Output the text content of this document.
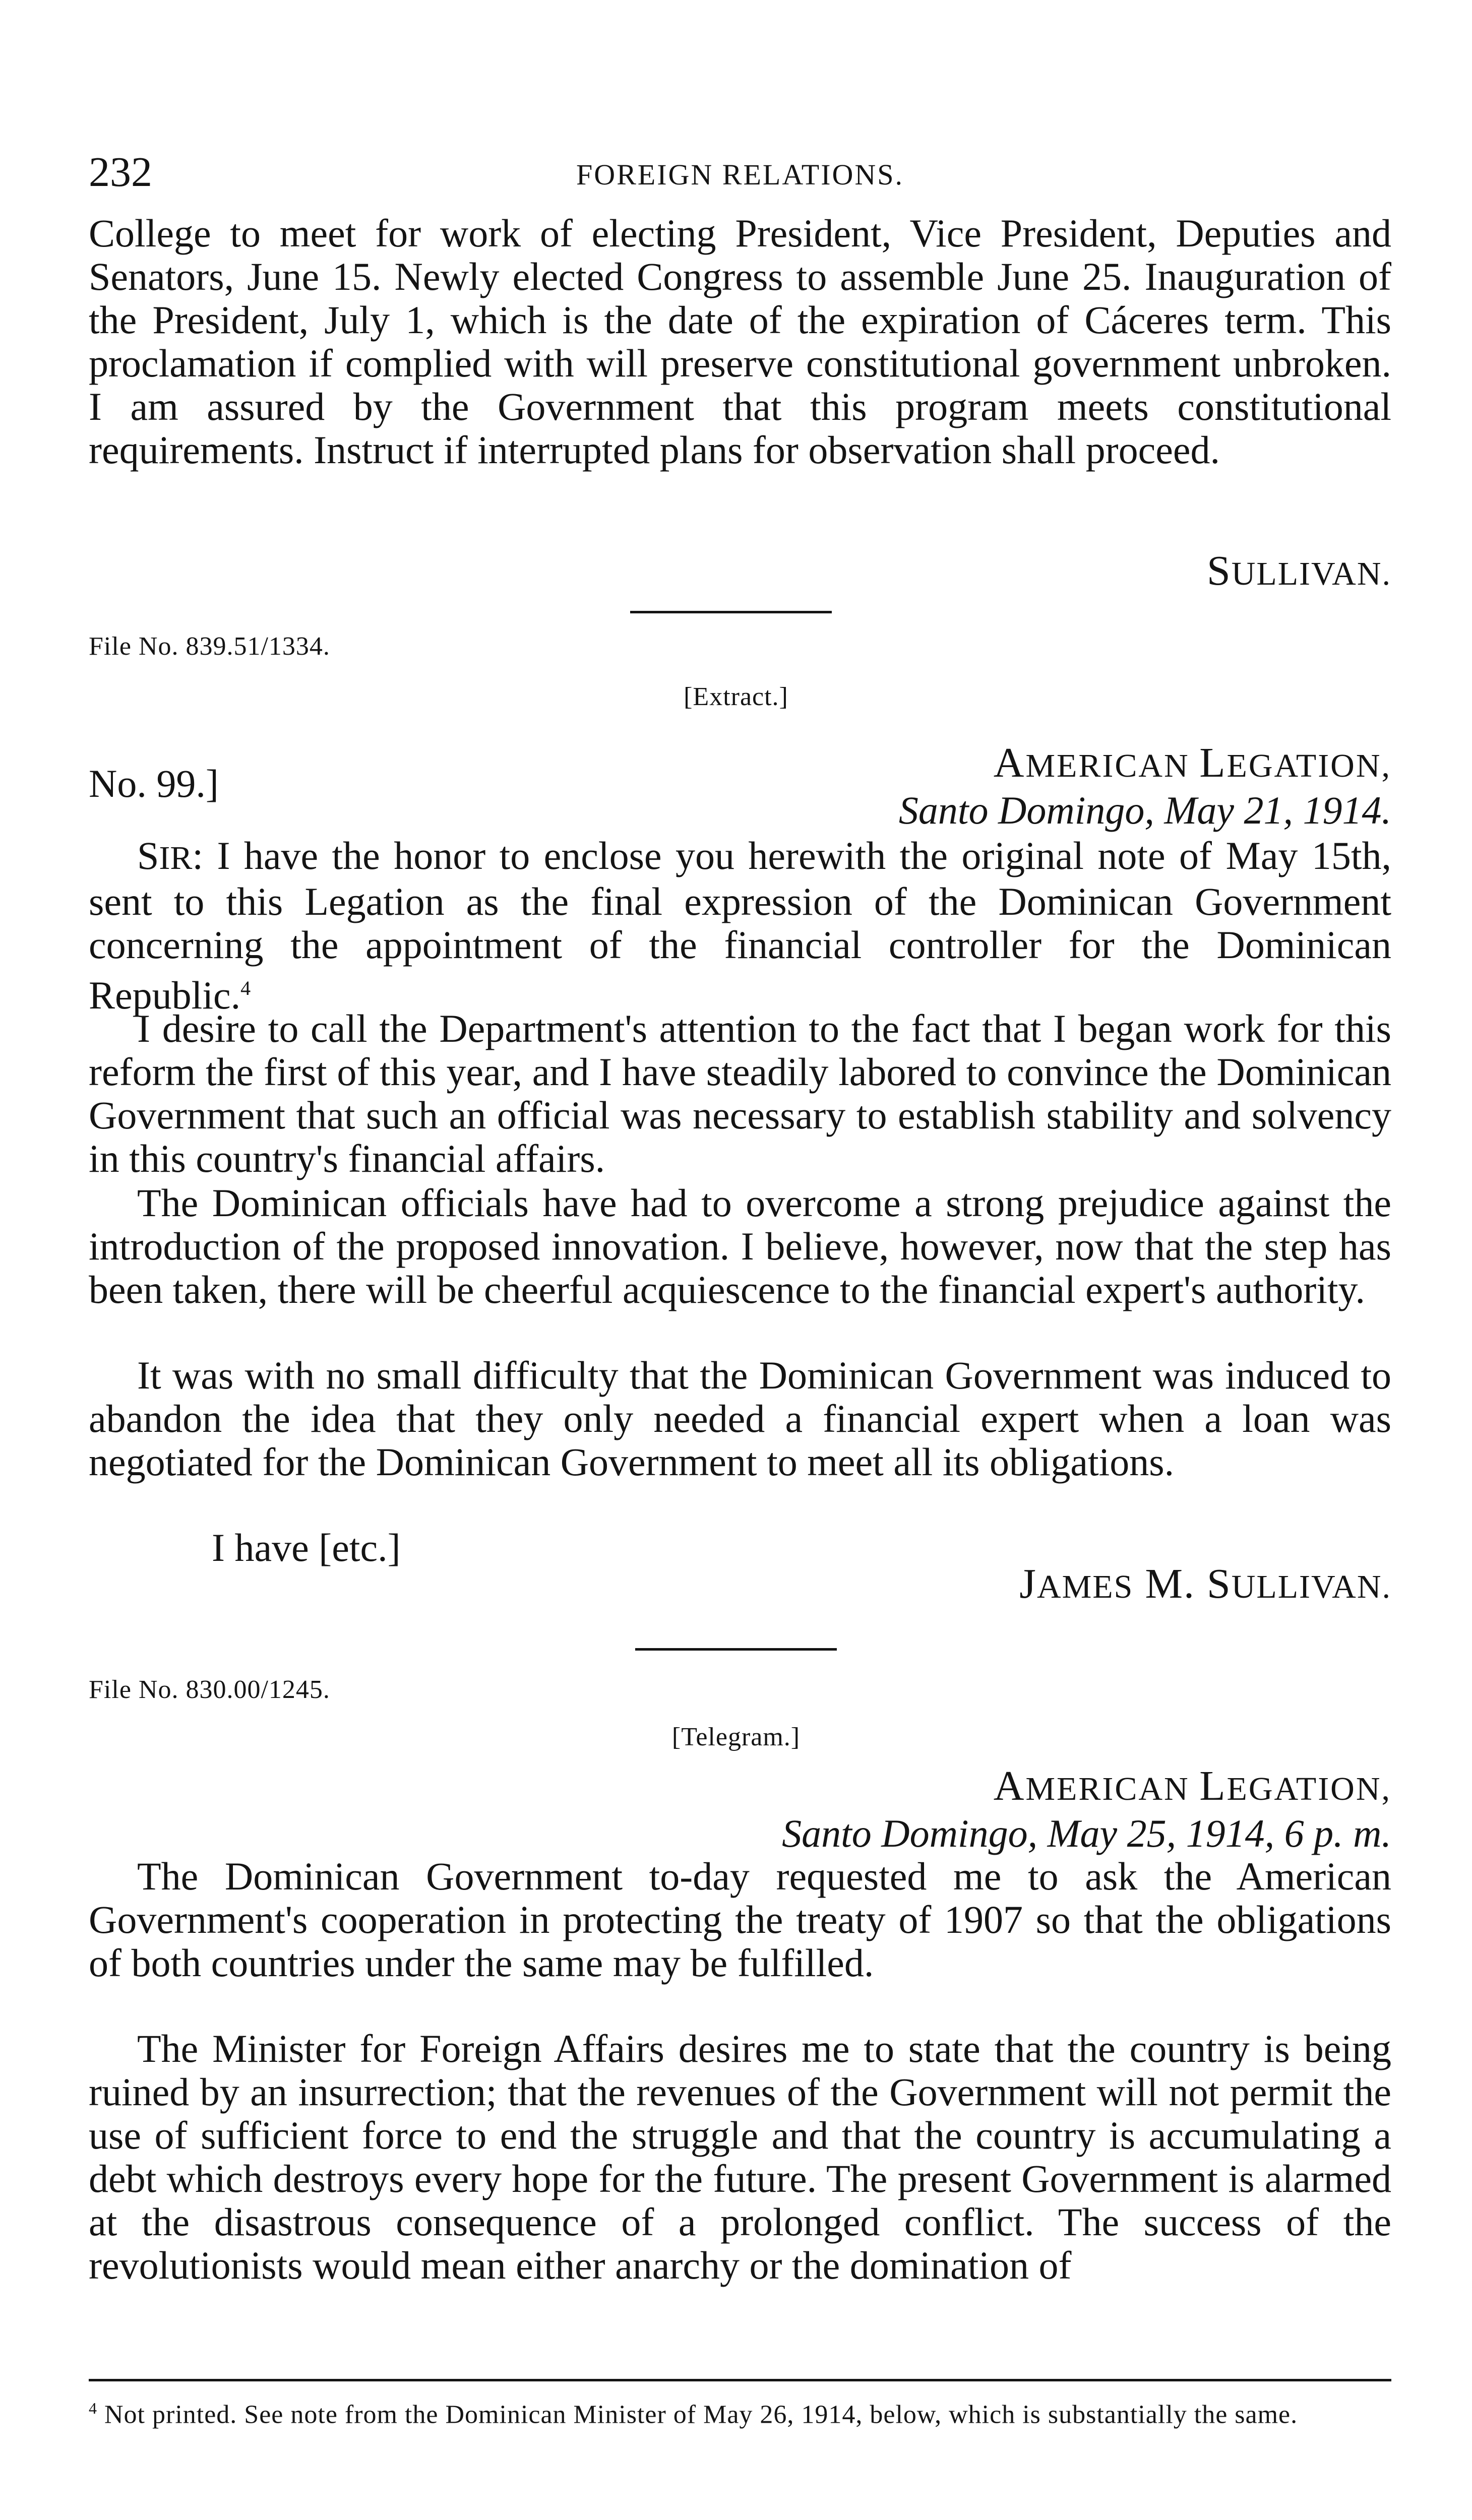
232	FOREIGN RELATIONS.

College to meet for work of electing President, Vice President, Deputies and Senators, June 15. Newly elected Congress to assemble June 25. Inauguration of the President, July 1, which is the date of the expiration of Cáceres term. This proclamation if complied with will preserve constitutional government unbroken. I am assured by the Government that this program meets constitutional requirements. Instruct if interrupted plans for observation shall proceed.

SULLIVAN.
File No. 839.51/1334.
[Extract.]
No. 99.]	AMERICAN LEGATION,
Santo Domingo, May 21, 1914.

SIR: I have the honor to enclose you herewith the original note of May 15th, sent to this Legation as the final expression of the Dominican Government concerning the appointment of the financial controller for the Dominican Republic.$^4$

I desire to call the Department's attention to the fact that I began work for this reform the first of this year, and I have steadily labored to convince the Dominican Government that such an official was necessary to establish stability and solvency in this country's financial affairs.

The Dominican officials have had to overcome a strong prejudice against the introduction of the proposed innovation. I believe, however, now that the step has been taken, there will be cheerful acquiescence to the financial expert's authority.

It was with no small difficulty that the Dominican Government was induced to abandon the idea that they only needed a financial expert when a loan was negotiated for the Dominican Government to meet all its obligations.

I have [etc.]

JAMES M. SULLIVAN.
File No. 830.00/1245.
[Telegram.]
AMERICAN LEGATION,
Santo Domingo, May 25, 1914, 6 p. m.

The Dominican Government to-day requested me to ask the American Government's cooperation in protecting the treaty of 1907 so that the obligations of both countries under the same may be fulfilled.

The Minister for Foreign Affairs desires me to state that the country is being ruined by an insurrection; that the revenues of the Government will not permit the use of sufficient force to end the struggle and that the country is accumulating a debt which destroys every hope for the future. The present Government is alarmed at the disastrous consequence of a prolonged conflict. The success of the revolutionists would mean either anarchy or the domination of

$^4$ Not printed. See note from the Dominican Minister of May 26, 1914, below, which is substantially the same.
